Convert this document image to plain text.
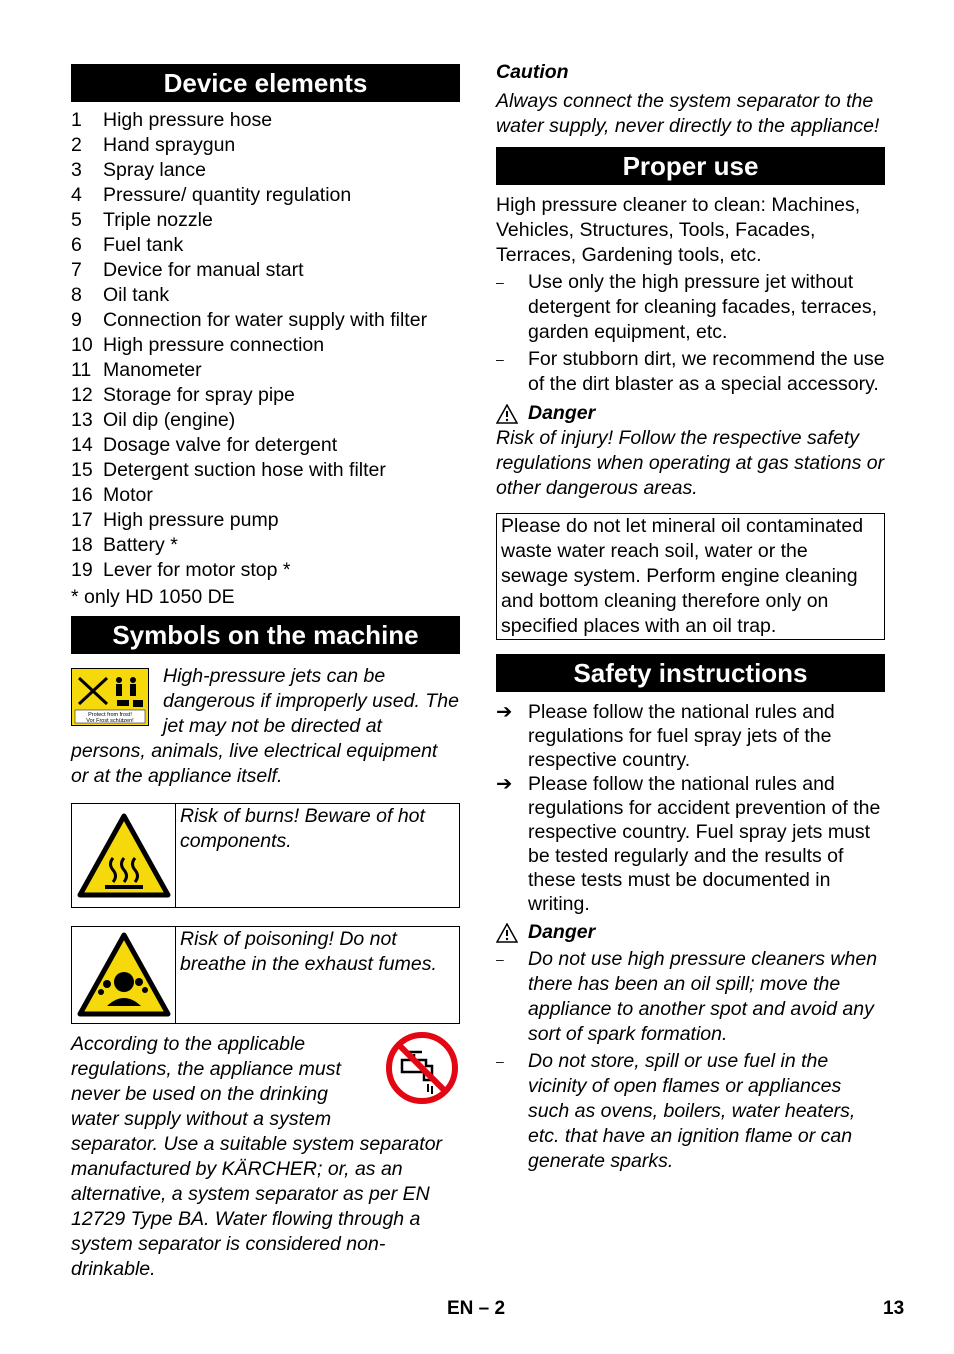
Device elements
1	High pressure hose
2	Hand spraygun
3	Spray lance
4	Pressure/ quantity regulation
5	Triple nozzle
6	Fuel tank
7	Device for manual start
8	Oil tank
9	Connection for water supply with filter
10 High pressure connection
11 Manometer
12 Storage for spray pipe
13 Oil dip (engine)
14 Dosage valve for detergent
15 Detergent suction hose with filter
16 Motor
17 High pressure pump
18 Battery *
19 Lever for motor stop *

* only HD 1050 DE

Symbols on the machine
Protect from frost!
Vor Frost schützen!

High-pressure jets can be dangerous if improperly used. The jet may not be directed at persons, animals, live electrical equipment or at the appliance itself.

Risk of burns! Beware of hot components.
Risk of poisoning! Do not breathe in the exhaust fumes.

According to the applicable regulations, the appliance must never be used on the drinking water supply without a system separator. Use a suitable system separator manufactured by KÄRCHER; or, as an alternative, a system separator as per EN 12729 Type BA. Water flowing through a system separator is considered non-drinkable.

Caution

Always connect the system separator to the water supply, never directly to the appliance!

Proper use

High pressure cleaner to clean: Machines, Vehicles, Structures, Tools, Facades, Terraces, Gardening tools, etc.

–	Use only the high pressure jet without detergent for cleaning facades, terraces, garden equipment, etc.
–	For stubborn dirt, we recommend the use of the dirt blaster as a special accessory.

Danger

Risk of injury! Follow the respective safety regulations when operating at gas stations or other dangerous areas.

Please do not let mineral oil contaminated waste water reach soil, water or the sewage system. Perform engine cleaning and bottom cleaning therefore only on specified places with an oil trap.
Safety instructions
➔ Please follow the national rules and regulations for fuel spray jets of the respective country.
➔ Please follow the national rules and regulations for accident prevention of the respective country. Fuel spray jets must be tested regularly and the results of these tests must be documented in writing.

Danger

–	Do not use high pressure cleaners when there has been an oil spill; move the appliance to another spot and avoid any sort of spark formation.
–	Do not store, spill or use fuel in the vicinity of open flames or appliances such as ovens, boilers, water heaters, etc. that have an ignition flame or can generate sparks.
EN – 2	13
